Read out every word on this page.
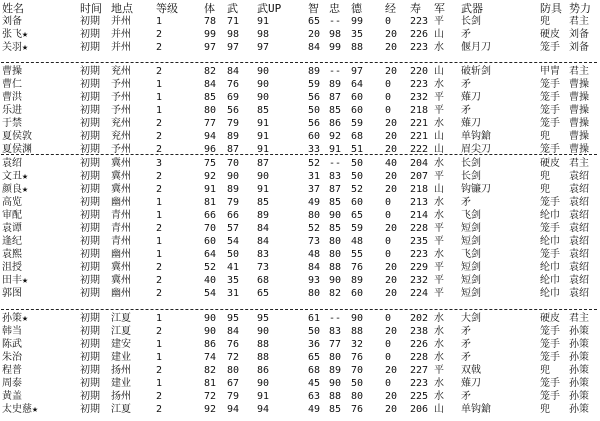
姓名	时间 地点 等级 体 武 武UP 智 忠 德 经 寿 军 武器	防具 势力
刘备	初期 并州	1	78 71 91	65 -- 99 0 223 平 长剑	兜 君主
张飞★	初期 并州	2	99 98 98	20 98 35 20 226 山 矛	硬皮 刘备
关羽★	初期 并州	2	97 97 97	84 99 88 20 223 水 偃月刀	笼手 刘备
曹操	初期 兖州	2	82 84 90	89 -- 97 20 220 山 破斩剑	甲胄 君主
曹仁	初期 予州	1	84 76 90	59 89 64 0 223 水 矛	笼手 曹操
曹洪	初期 予州	1	85 69 90	56 87 60 0 232 平 薙刀	笼手 曹操
乐进	初期 予州	1	80 56 85	50 85 60 0 218 平 矛	笼手 曹操
于禁	初期 兖州	2	77 79 91	56 86 59 20 221 水 薙刀	笼手 曹操
夏侯敦	初期 兖州	2	94 89 91	60 92 68 20 221 山 单钩鎗	兜 曹操
夏侯渊	初期 予州	2	96 87 91	33 91 51 20 222 山 眉尖刀	笼手 曹操
袁绍	初期 冀州	3	75 70 87	52 -- 50 40 204 水 长剑	硬皮 君主
文丑★	初期 冀州	2	92 90 90	31 83 50 20 207 平 长剑	兜 袁绍
颜良★	初期 冀州	2	91 89 91	37 87 52 20 218 山 钩镰刀	兜 袁绍
高览	初期 幽州	1	81 79 85	49 85 60 0 213 水 矛	笼手 袁绍
审配	初期 青州	1	66 66 89	80 90 65 0 214 水 飞剑	纶巾 袁绍
袁谭	初期 青州	2	70 57 84	52 85 59 20 228 平 短剑	笼手 袁绍
逢纪	初期 青州	1	60 54 84	73 80 48 0 235 平 短剑	纶巾 袁绍
袁熙	初期 幽州	1	64 50 83	48 80 55 0 223 水 飞剑	笼手 袁绍
沮授	初期 冀州	2	52 41 73	84 88 76 20 229 平 短剑	纶巾 袁绍
田丰★	初期 冀州	2	40 35 68	93 90 89 20 232 平 短剑	纶巾 袁绍
郭图	初期 幽州	2	54 31 65	80 82 60 20 224 平 短剑	纶巾 袁绍
孙策★	初期 江夏	1	90 95 95	61 -- 90 0 202 水 大剑	硬皮 君主
韩当	初期 江夏	2	90 84 90	50 83 88 20 238 水 矛	笼手 孙策
陈武	初期 建安	1	86 76 88	36 77 32 0 226 水 矛	笼手 孙策
朱治	初期 建业	1	74 72 88	65 80 76 0 228 水 矛	笼手 孙策
程普	初期 扬州	2	82 80 86	68 89 70 20 227 平 双戟	兜 孙策
周泰	初期 建业	1	81 67 90	45 90 50 0 223 水 薙刀	笼手 孙策
黄盖	初期 扬州	2	72 79 91	63 88 80 20 225 水 矛	笼手 孙策
太史慈★	初期 江夏	2	92 94 94	49 85 76 20 206 山 单钩鎗	兜 孙策
